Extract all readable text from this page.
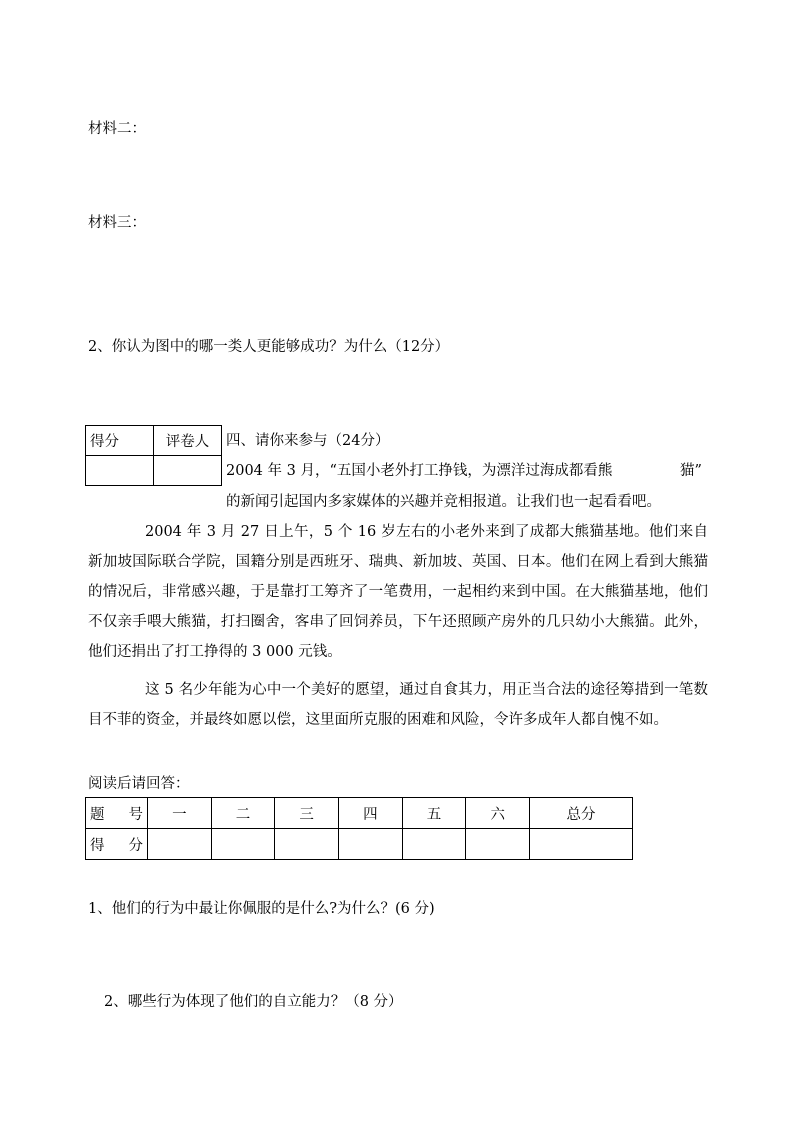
材料二：
材料三：
2、你认为图中的哪一类人更能够成功？为什么（12分）
得分	评卷人
	四、请你来参与（24分）
2004 年 3 月，“五国小老外打工挣钱，为漂洋过海成都看熊	猫”
的新闻引起国内多家媒体的兴趣并竞相报道。让我们也一起看看吧。
2004 年 3 月 27 日上午，5 个 16 岁左右的小老外来到了成都大熊猫基地。他们来自新加坡国际联合学院，国籍分别是西班牙、瑞典、新加坡、英国、日本。他们在网上看到大熊猫的情况后，非常感兴趣，于是靠打工筹齐了一笔费用，一起相约来到中国。在大熊猫基地，他们不仅亲手喂大熊猫，打扫圈舍，客串了回饲养员，下午还照顾产房外的几只幼小大熊猫。此外，他们还捐出了打工挣得的 3 000 元钱。
这 5 名少年能为心中一个美好的愿望，通过自食其力，用正当合法的途径筹措到一笔数目不菲的资金，并最终如愿以偿，这里面所克服的困难和风险，令许多成年人都自愧不如。
阅读后请回答：
题 号	一	二	三	四	五	六	总分

得 分							

1、他们的行为中最让你佩服的是什么?为什么？(6 分)
2、哪些行为体现了他们的自立能力？（8 分）
